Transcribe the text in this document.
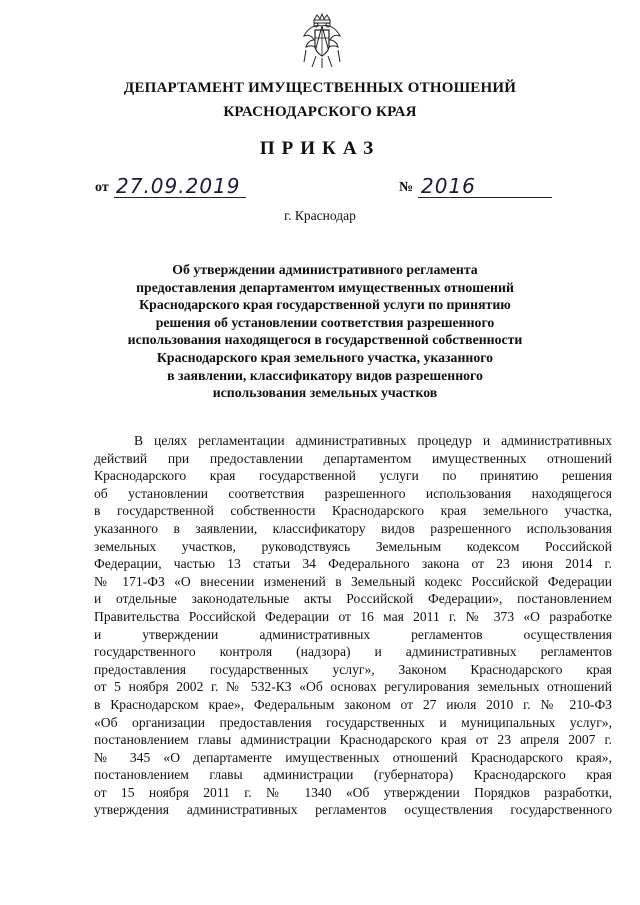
ДЕПАРТАМЕНТ ИМУЩЕСТВЕННЫХ ОТНОШЕНИЙ
КРАСНОДАРСКОГО КРАЯ
ПРИКАЗ
от 27.09.2019	№ 2016
г. Краснодар
Об утверждении административного регламента
предоставления департаментом имущественных отношений
Краснодарского края государственной услуги по принятию
решения об установлении соответствия разрешенного
использования находящегося в государственной собственности
Краснодарского края земельного участка, указанного
в заявлении, классификатору видов разрешенного
использования земельных участков
В целях регламентации административных процедур и административных
действий при предоставлении департаментом имущественных отношений
Краснодарского края государственной услуги по принятию решения
об установлении соответствия разрешенного использования находящегося
в государственной собственности Краснодарского края земельного участка,
указанного в заявлении, классификатору видов разрешенного использования
земельных участков, руководствуясь Земельным кодексом Российской
Федерации, частью 13 статьи 34 Федерального закона от 23 июня 2014 г.
№ 171-ФЗ «О внесении изменений в Земельный кодекс Российской Федерации
и отдельные законодательные акты Российской Федерации», постановлением
Правительства Российской Федерации от 16 мая 2011 г. № 373 «О разработке
и утверждении административных регламентов осуществления
государственного контроля (надзора) и административных регламентов
предоставления государственных услуг», Законом Краснодарского края
от 5 ноября 2002 г. № 532-КЗ «Об основах регулирования земельных отношений
в Краснодарском крае», Федеральным законом от 27 июля 2010 г. № 210-ФЗ
«Об организации предоставления государственных и муниципальных услуг»,
постановлением главы администрации Краснодарского края от 23 апреля 2007 г.
№ 345 «О департаменте имущественных отношений Краснодарского края»,
постановлением главы администрации (губернатора) Краснодарского края
от 15 ноября 2011 г. № 1340 «Об утверждении Порядков разработки,
утверждения административных регламентов осуществления государственного
